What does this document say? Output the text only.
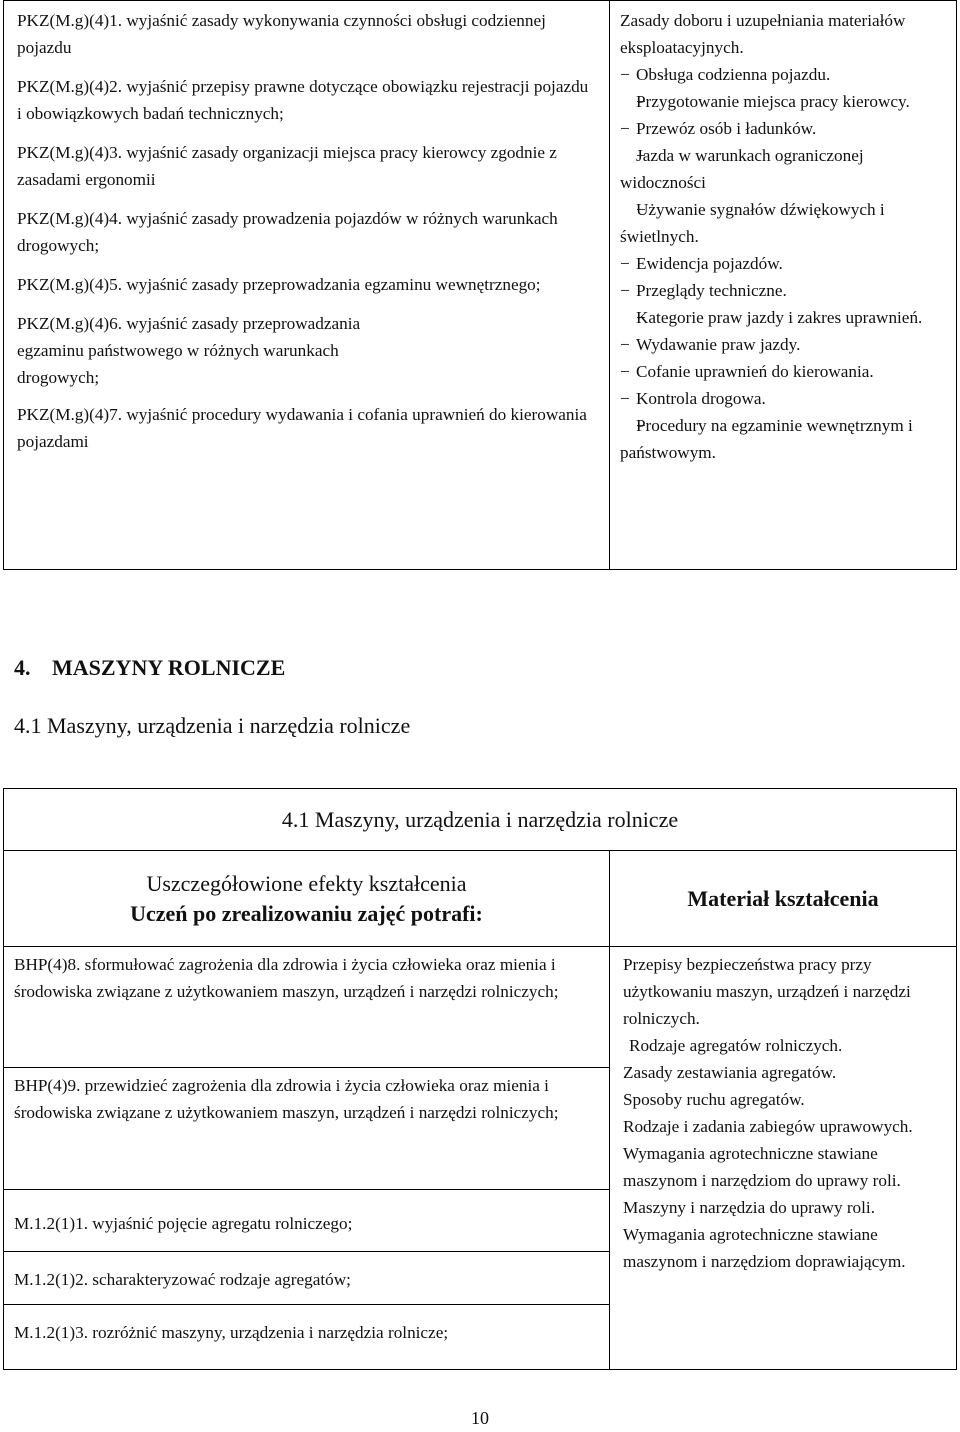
PKZ(M.g)(4)1. wyjaśnić zasady wykonywania czynności obsługi codziennej pojazdu
PKZ(M.g)(4)2. wyjaśnić przepisy prawne dotyczące obowiązku rejestracji pojazdu i obowiązkowych badań technicznych;
PKZ(M.g)(4)3. wyjaśnić zasady organizacji miejsca pracy kierowcy zgodnie z zasadami ergonomii
PKZ(M.g)(4)4. wyjaśnić zasady prowadzenia pojazdów w różnych warunkach drogowych;
PKZ(M.g)(4)5. wyjaśnić zasady przeprowadzania egzaminu wewnętrznego;
PKZ(M.g)(4)6. wyjaśnić zasady przeprowadzania egzaminu państwowego w różnych warunkach drogowych;
PKZ(M.g)(4)7. wyjaśnić procedury wydawania i cofania uprawnień do kierowania pojazdami
Zasady doboru i uzupełniania materiałów eksploatacyjnych.
− Obsługa codzienna pojazdu.
− Przygotowanie miejsca pracy kierowcy.
− Przewóz osób i ładunków.
− Jazda w warunkach ograniczonej widoczności
− Używanie sygnałów dźwiękowych i świetlnych.
− Ewidencja pojazdów.
− Przeglądy techniczne.
− Kategorie praw jazdy i zakres uprawnień.
− Wydawanie praw jazdy.
− Cofanie uprawnień do kierowania.
− Kontrola drogowa.
− Procedury na egzaminie wewnętrznym i państwowym.
4. MASZYNY ROLNICZE
4.1 Maszyny, urządzenia i narzędzia rolnicze
4.1 Maszyny, urządzenia i narzędzia rolnicze
Uszczegółowione efekty kształcenia
Uczeń po zrealizowaniu zajęć potrafi:
Materiał kształcenia
BHP(4)8. sformułować zagrożenia dla zdrowia i życia człowieka oraz mienia i środowiska związane z użytkowaniem maszyn, urządzeń i narzędzi rolniczych;
BHP(4)9. przewidzieć zagrożenia dla zdrowia i życia człowieka oraz mienia i środowiska związane z użytkowaniem maszyn, urządzeń i narzędzi rolniczych;
M.1.2(1)1. wyjaśnić pojęcie agregatu rolniczego;
M.1.2(1)2. scharakteryzować rodzaje agregatów;
M.1.2(1)3. rozróżnić maszyny, urządzenia i narzędzia rolnicze;
Przepisy bezpieczeństwa pracy przy użytkowaniu maszyn, urządzeń i narzędzi rolniczych.
Rodzaje agregatów rolniczych.
Zasady zestawiania agregatów.
Sposoby ruchu agregatów.
Rodzaje i zadania zabiegów uprawowych.
Wymagania agrotechniczne stawiane maszynom i narzędziom do uprawy roli.
Maszyny i narzędzia do uprawy roli.
Wymagania agrotechniczne stawiane maszynom i narzędziom doprawiającym.
10
